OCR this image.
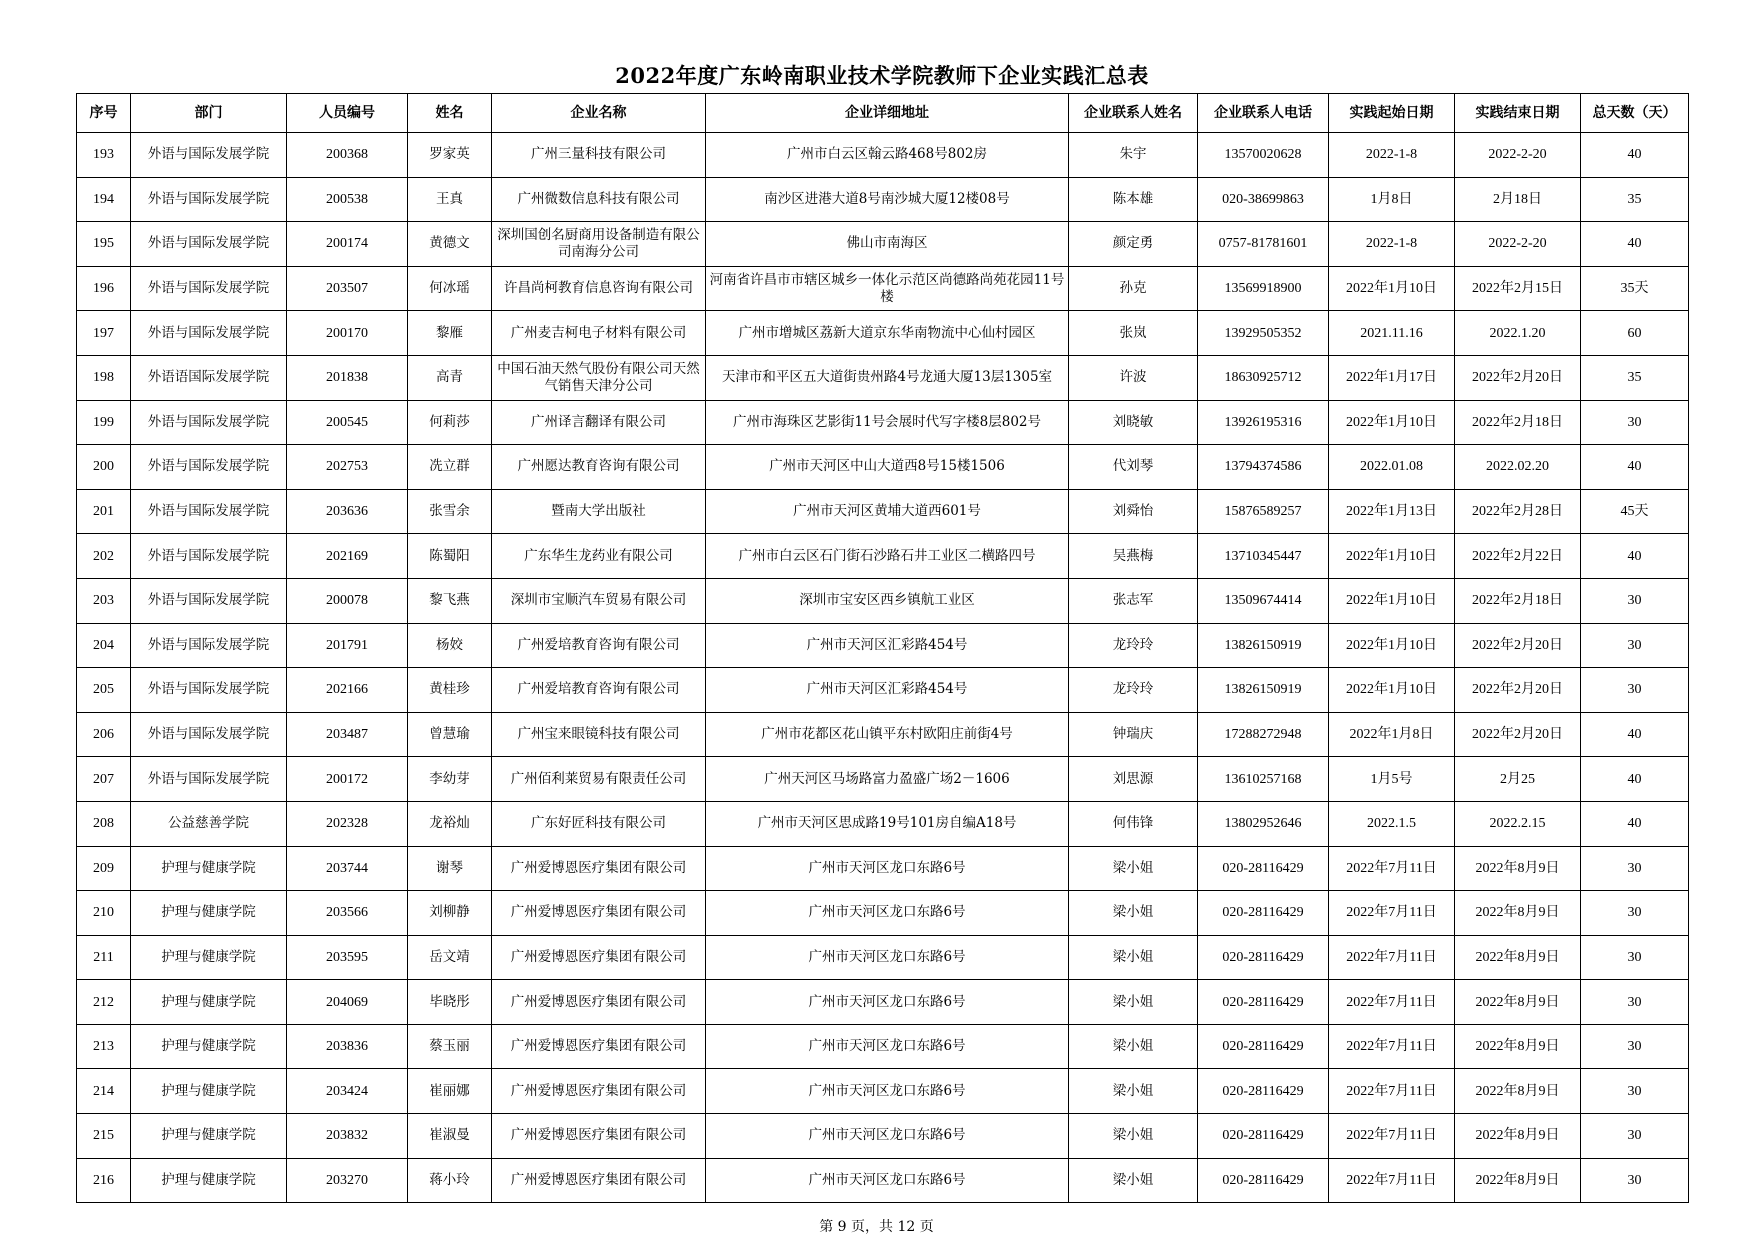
2022年度广东岭南职业技术学院教师下企业实践汇总表
序号	部门	人员编号	姓名	企业名称	企业详细地址	企业联系人姓名	企业联系人电话	实践起始日期	实践结束日期	总天数（天）
193	外语与国际发展学院	200368	罗家英	广州三量科技有限公司	广州市白云区翰云路468号802房	朱宇	13570020628	2022-1-8	2022-2-20	40
194	外语与国际发展学院	200538	王真	广州微数信息科技有限公司	南沙区进港大道8号南沙城大厦12楼08号	陈本雄	020-38699863	1月8日	2月18日	35
195	外语与国际发展学院	200174	黄德文	深圳国创名厨商用设备制造有限公司南海分公司	佛山市南海区	颜定勇	0757-81781601	2022-1-8	2022-2-20	40
196	外语与国际发展学院	203507	何冰瑶	许昌尚柯教育信息咨询有限公司	河南省许昌市市辖区城乡一体化示范区尚德路尚苑花园11号楼	孙克	13569918900	2022年1月10日	2022年2月15日	35天
197	外语与国际发展学院	200170	黎雁	广州麦吉柯电子材料有限公司	广州市增城区荔新大道京东华南物流中心仙村园区	张岚	13929505352	2021.11.16	2022.1.20	60
198	外语语国际发展学院	201838	高青	中国石油天然气股份有限公司天然气销售天津分公司	天津市和平区五大道街贵州路4号龙通大厦13层1305室	许波	18630925712	2022年1月17日	2022年2月20日	35
199	外语与国际发展学院	200545	何莉莎	广州译言翻译有限公司	广州市海珠区艺影街11号会展时代写字楼8层802号	刘晓敏	13926195316	2022年1月10日	2022年2月18日	30
200	外语与国际发展学院	202753	冼立群	广州愿达教育咨询有限公司	广州市天河区中山大道西8号15楼1506	代刘琴	13794374586	2022.01.08	2022.02.20	40
201	外语与国际发展学院	203636	张雪余	暨南大学出版社	广州市天河区黄埔大道西601号	刘舜怡	15876589257	2022年1月13日	2022年2月28日	45天
202	外语与国际发展学院	202169	陈蜀阳	广东华生龙药业有限公司	广州市白云区石门街石沙路石井工业区二横路四号	吴燕梅	13710345447	2022年1月10日	2022年2月22日	40
203	外语与国际发展学院	200078	黎飞燕	深圳市宝顺汽车贸易有限公司	深圳市宝安区西乡镇航工业区	张志军	13509674414	2022年1月10日	2022年2月18日	30
204	外语与国际发展学院	201791	杨姣	广州爱培教育咨询有限公司	广州市天河区汇彩路454号	龙玲玲	13826150919	2022年1月10日	2022年2月20日	30
205	外语与国际发展学院	202166	黄桂珍	广州爱培教育咨询有限公司	广州市天河区汇彩路454号	龙玲玲	13826150919	2022年1月10日	2022年2月20日	30
206	外语与国际发展学院	203487	曾慧瑜	广州宝来眼镜科技有限公司	广州市花都区花山镇平东村欧阳庄前街4号	钟瑞庆	17288272948	2022年1月8日	2022年2月20日	40
207	外语与国际发展学院	200172	李幼芽	广州佰利莱贸易有限责任公司	广州天河区马场路富力盈盛广场2－1606	刘思源	13610257168	1月5号	2月25	40
208	公益慈善学院	202328	龙裕灿	广东好匠科技有限公司	广州市天河区思成路19号101房自编A18号	何伟锋	13802952646	2022.1.5	2022.2.15	40
209	护理与健康学院	203744	谢琴	广州爱博恩医疗集团有限公司	广州市天河区龙口东路6号	梁小姐	020-28116429	2022年7月11日	2022年8月9日	30
210	护理与健康学院	203566	刘柳静	广州爱博恩医疗集团有限公司	广州市天河区龙口东路6号	梁小姐	020-28116429	2022年7月11日	2022年8月9日	30
211	护理与健康学院	203595	岳文靖	广州爱博恩医疗集团有限公司	广州市天河区龙口东路6号	梁小姐	020-28116429	2022年7月11日	2022年8月9日	30
212	护理与健康学院	204069	毕晓彤	广州爱博恩医疗集团有限公司	广州市天河区龙口东路6号	梁小姐	020-28116429	2022年7月11日	2022年8月9日	30
213	护理与健康学院	203836	蔡玉丽	广州爱博恩医疗集团有限公司	广州市天河区龙口东路6号	梁小姐	020-28116429	2022年7月11日	2022年8月9日	30
214	护理与健康学院	203424	崔丽娜	广州爱博恩医疗集团有限公司	广州市天河区龙口东路6号	梁小姐	020-28116429	2022年7月11日	2022年8月9日	30
215	护理与健康学院	203832	崔淑曼	广州爱博恩医疗集团有限公司	广州市天河区龙口东路6号	梁小姐	020-28116429	2022年7月11日	2022年8月9日	30
216	护理与健康学院	203270	蒋小玲	广州爱博恩医疗集团有限公司	广州市天河区龙口东路6号	梁小姐	020-28116429	2022年7月11日	2022年8月9日	30
第 9 页，共 12 页
